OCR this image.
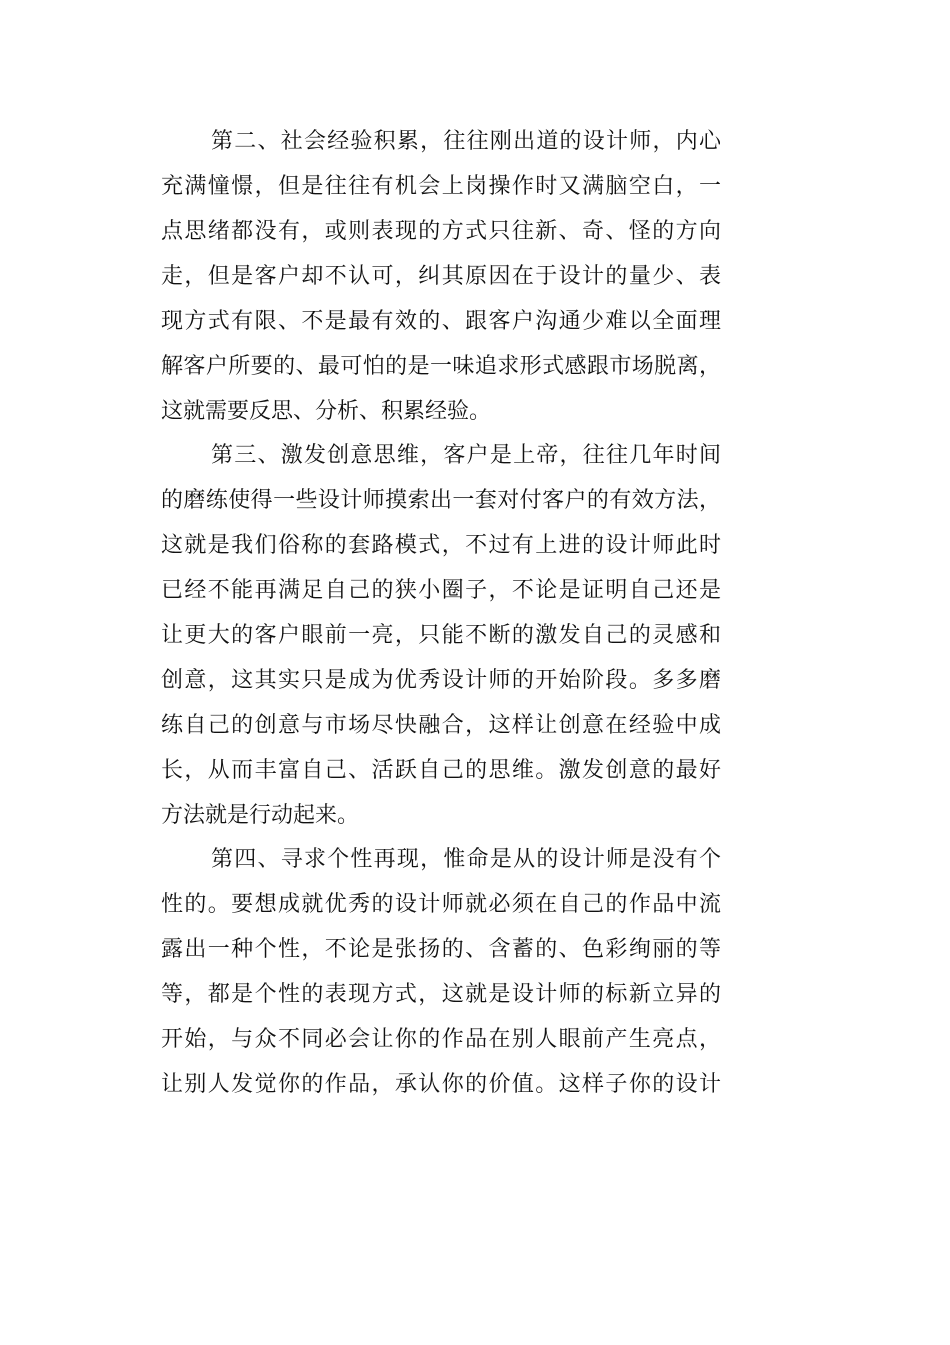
第二、社会经验积累，往往刚出道的设计师，内心
充满憧憬，但是往往有机会上岗操作时又满脑空白，一
点思绪都没有，或则表现的方式只往新、奇、怪的方向
走，但是客户却不认可，纠其原因在于设计的量少、表
现方式有限、不是最有效的、跟客户沟通少难以全面理
解客户所要的、最可怕的是一味追求形式感跟市场脱离，
这就需要反思、分析、积累经验。
第三、激发创意思维，客户是上帝，往往几年时间
的磨练使得一些设计师摸索出一套对付客户的有效方法，
这就是我们俗称的套路模式，不过有上进的设计师此时
已经不能再满足自己的狭小圈子，不论是证明自己还是
让更大的客户眼前一亮，只能不断的激发自己的灵感和
创意，这其实只是成为优秀设计师的开始阶段。多多磨
练自己的创意与市场尽快融合，这样让创意在经验中成
长，从而丰富自己、活跃自己的思维。激发创意的最好
方法就是行动起来。
第四、寻求个性再现，惟命是从的设计师是没有个
性的。要想成就优秀的设计师就必须在自己的作品中流
露出一种个性，不论是张扬的、含蓄的、色彩绚丽的等
等，都是个性的表现方式，这就是设计师的标新立异的
开始，与众不同必会让你的作品在别人眼前产生亮点，
让别人发觉你的作品，承认你的价值。这样子你的设计
